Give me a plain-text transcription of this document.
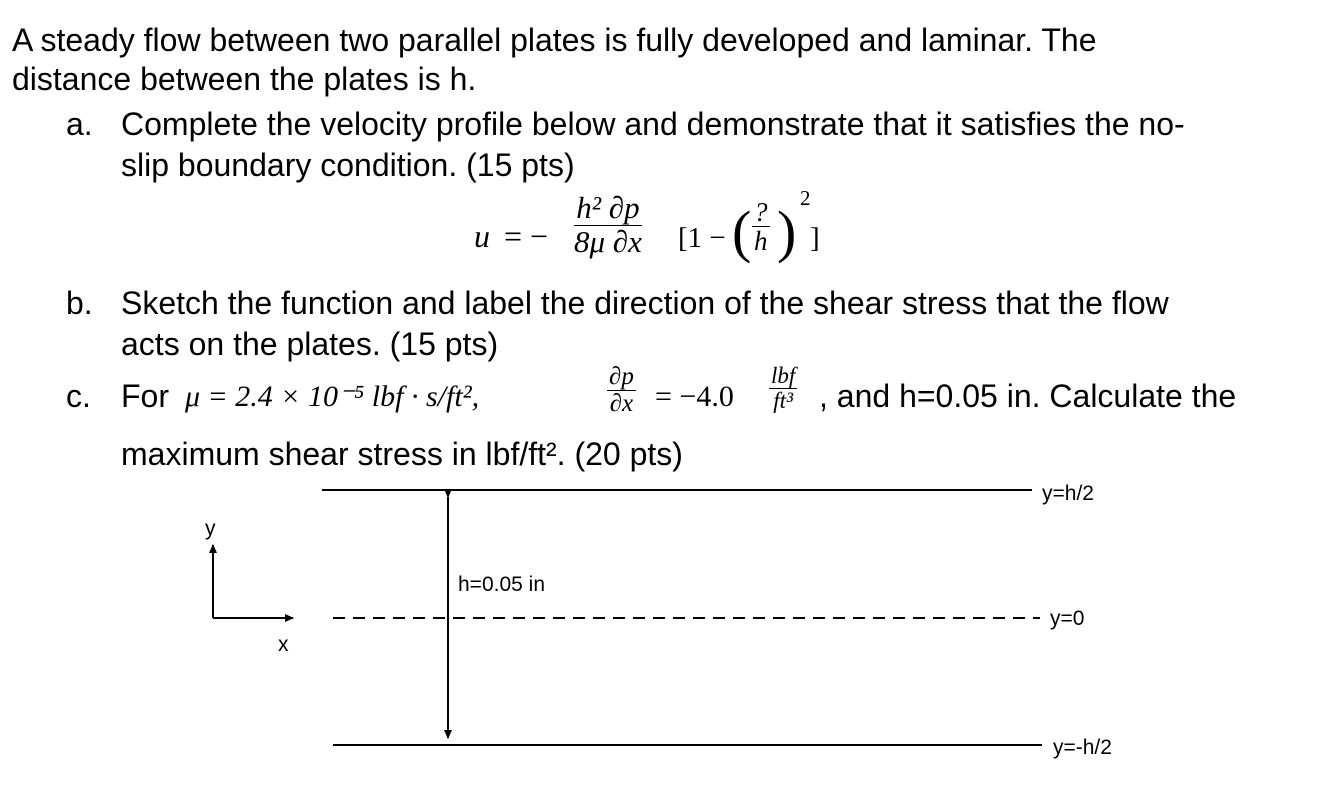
A steady flow between two parallel plates is fully developed and laminar. The
distance between the plates is h.
a. Complete the velocity profile below and demonstrate that it satisfies the no-
slip boundary condition. (15 pts)
u = − $\frac{\text{h² ∂p}}{8\mu \partial x} [1$ − ( ?
h )
2
]
b. Sketch the function and label the direction of the shear stress that the flow
acts on the plates. (15 pts)
c. For μ = 2.4 × 10⁻⁵ lbf · s/ft²,	$\frac{\partial p}{\partial x} = -4.0$
lbf
ft³ , and h=0.05 in. Calculate the
maximum shear stress in lbf/ft². (20 pts)
y
x
h=0.05 in
y=h/2
y=0
y=-h/2
